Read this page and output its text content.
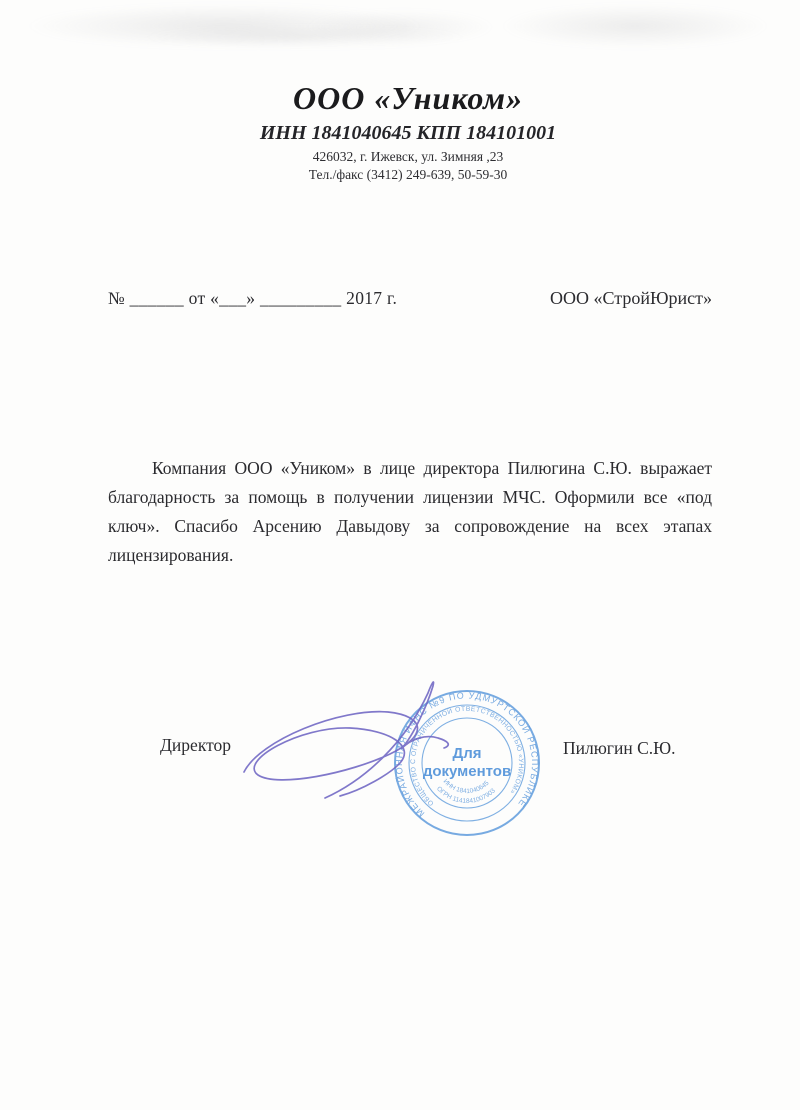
ООО «Уником»
ИНН 1841040645 КПП 184101001
426032, г. Ижевск, ул. Зимняя ,23
Тел./факс (3412) 249-639, 50-59-30
№ ______ от «___» _________ 2017 г.	ООО «СтройЮрист»
Компания ООО «Уником» в лице директора Пилюгина С.Ю. выражает
благодарность за помощь в получении лицензии МЧС. Оформили все «под
ключ». Спасибо Арсению Давыдову за сопровождение на всех этапах
лицензирования.
Директор	Пилюгин С.Ю.
МЕЖРАЙОННАЯ ИФНС №9 ПО УДМУРТСКОЙ РЕСПУБЛИКЕ
ОБЩЕСТВО С ОГРАНИЧЕННОЙ ОТВЕТСТВЕННОСТЬЮ «УНИКОМ»
ИНН 1841040645
ОГРН 1141841007903
Для
документов
